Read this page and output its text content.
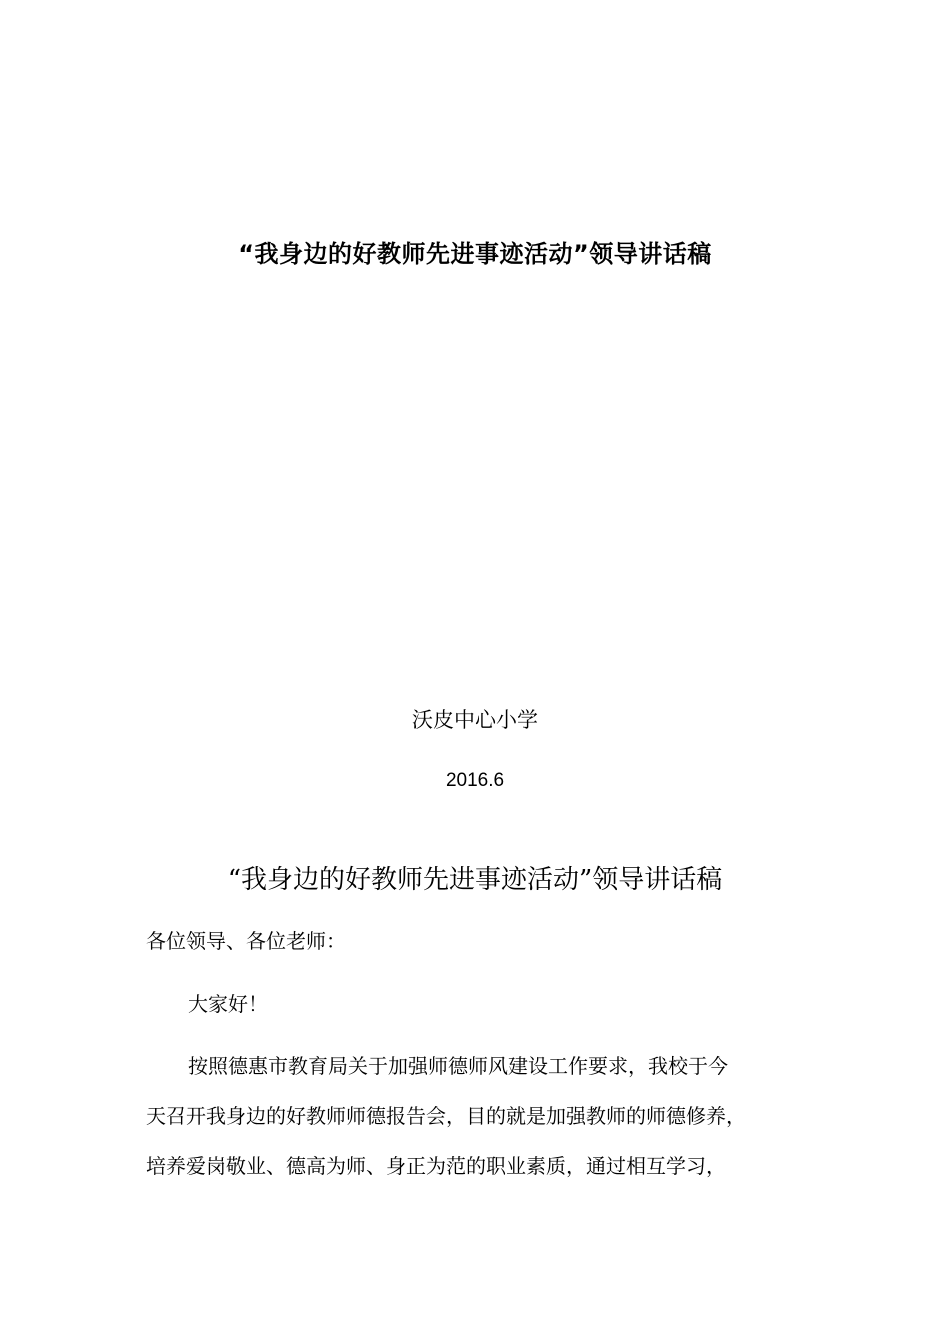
“我身边的好教师先进事迹活动”领导讲话稿
沃皮中心小学
2016.6
“我身边的好教师先进事迹活动”领导讲话稿
各位领导、各位老师：
大家好！
按照德惠市教育局关于加强师德师风建设工作要求，我校于今
天召开我身边的好教师师德报告会，目的就是加强教师的师德修养，
培养爱岗敬业、德高为师、身正为范的职业素质，通过相互学习，
